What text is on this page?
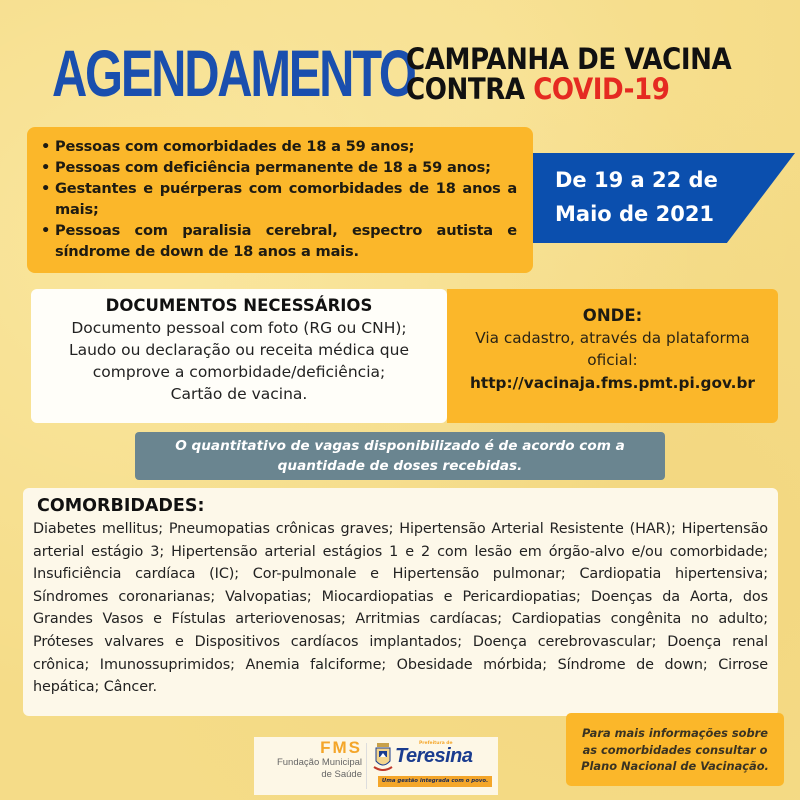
AGENDAMENTO
CAMPANHA DE VACINA
CONTRA COVID-19
• Pessoas com comorbidades de 18 a 59 anos;
• Pessoas com deficiência permanente de 18 a 59 anos;
• Gestantes e puérperas com comorbidades de 18 anos a mais;
• Pessoas com paralisia cerebral, espectro autista e síndrome de down de 18 anos a mais.
De 19 a 22 de
Maio de 2021
DOCUMENTOS NECESSÁRIOS
Documento pessoal com foto (RG ou CNH);
Laudo ou declaração ou receita médica que
comprove a comorbidade/deficiência;
Cartão de vacina.
ONDE:
Via cadastro, através da plataforma
oficial:
http://vacinaja.fms.pmt.pi.gov.br
O quantitativo de vagas disponibilizado é de acordo com a
quantidade de doses recebidas.
COMORBIDADES:
Diabetes mellitus; Pneumopatias crônicas graves; Hipertensão Arterial Resistente (HAR); Hipertensão arterial estágio 3; Hipertensão arterial estágios 1 e 2 com lesão em órgão-alvo e/ou comorbidade; Insuficiência cardíaca (IC); Cor-pulmonale e Hipertensão pulmonar; Cardiopatia hipertensiva; Síndromes coronarianas; Valvopatias; Miocardiopatias e Pericardiopatias; Doenças da Aorta, dos Grandes Vasos e Fístulas arteriovenosas; Arritmias cardíacas; Cardiopatias congênita no adulto; Próteses valvares e Dispositivos cardíacos implantados; Doença cerebrovascular; Doença renal crônica; Imunossuprimidos; Anemia falciforme; Obesidade mórbida; Síndrome de down; Cirrose hepática; Câncer.
Para mais informações sobre
as comorbidades consultar o
Plano Nacional de Vacinação.
FMS
Fundação Municipal
de Saúde
Prefeitura de
Teresina
Uma gestão integrada com o povo.
